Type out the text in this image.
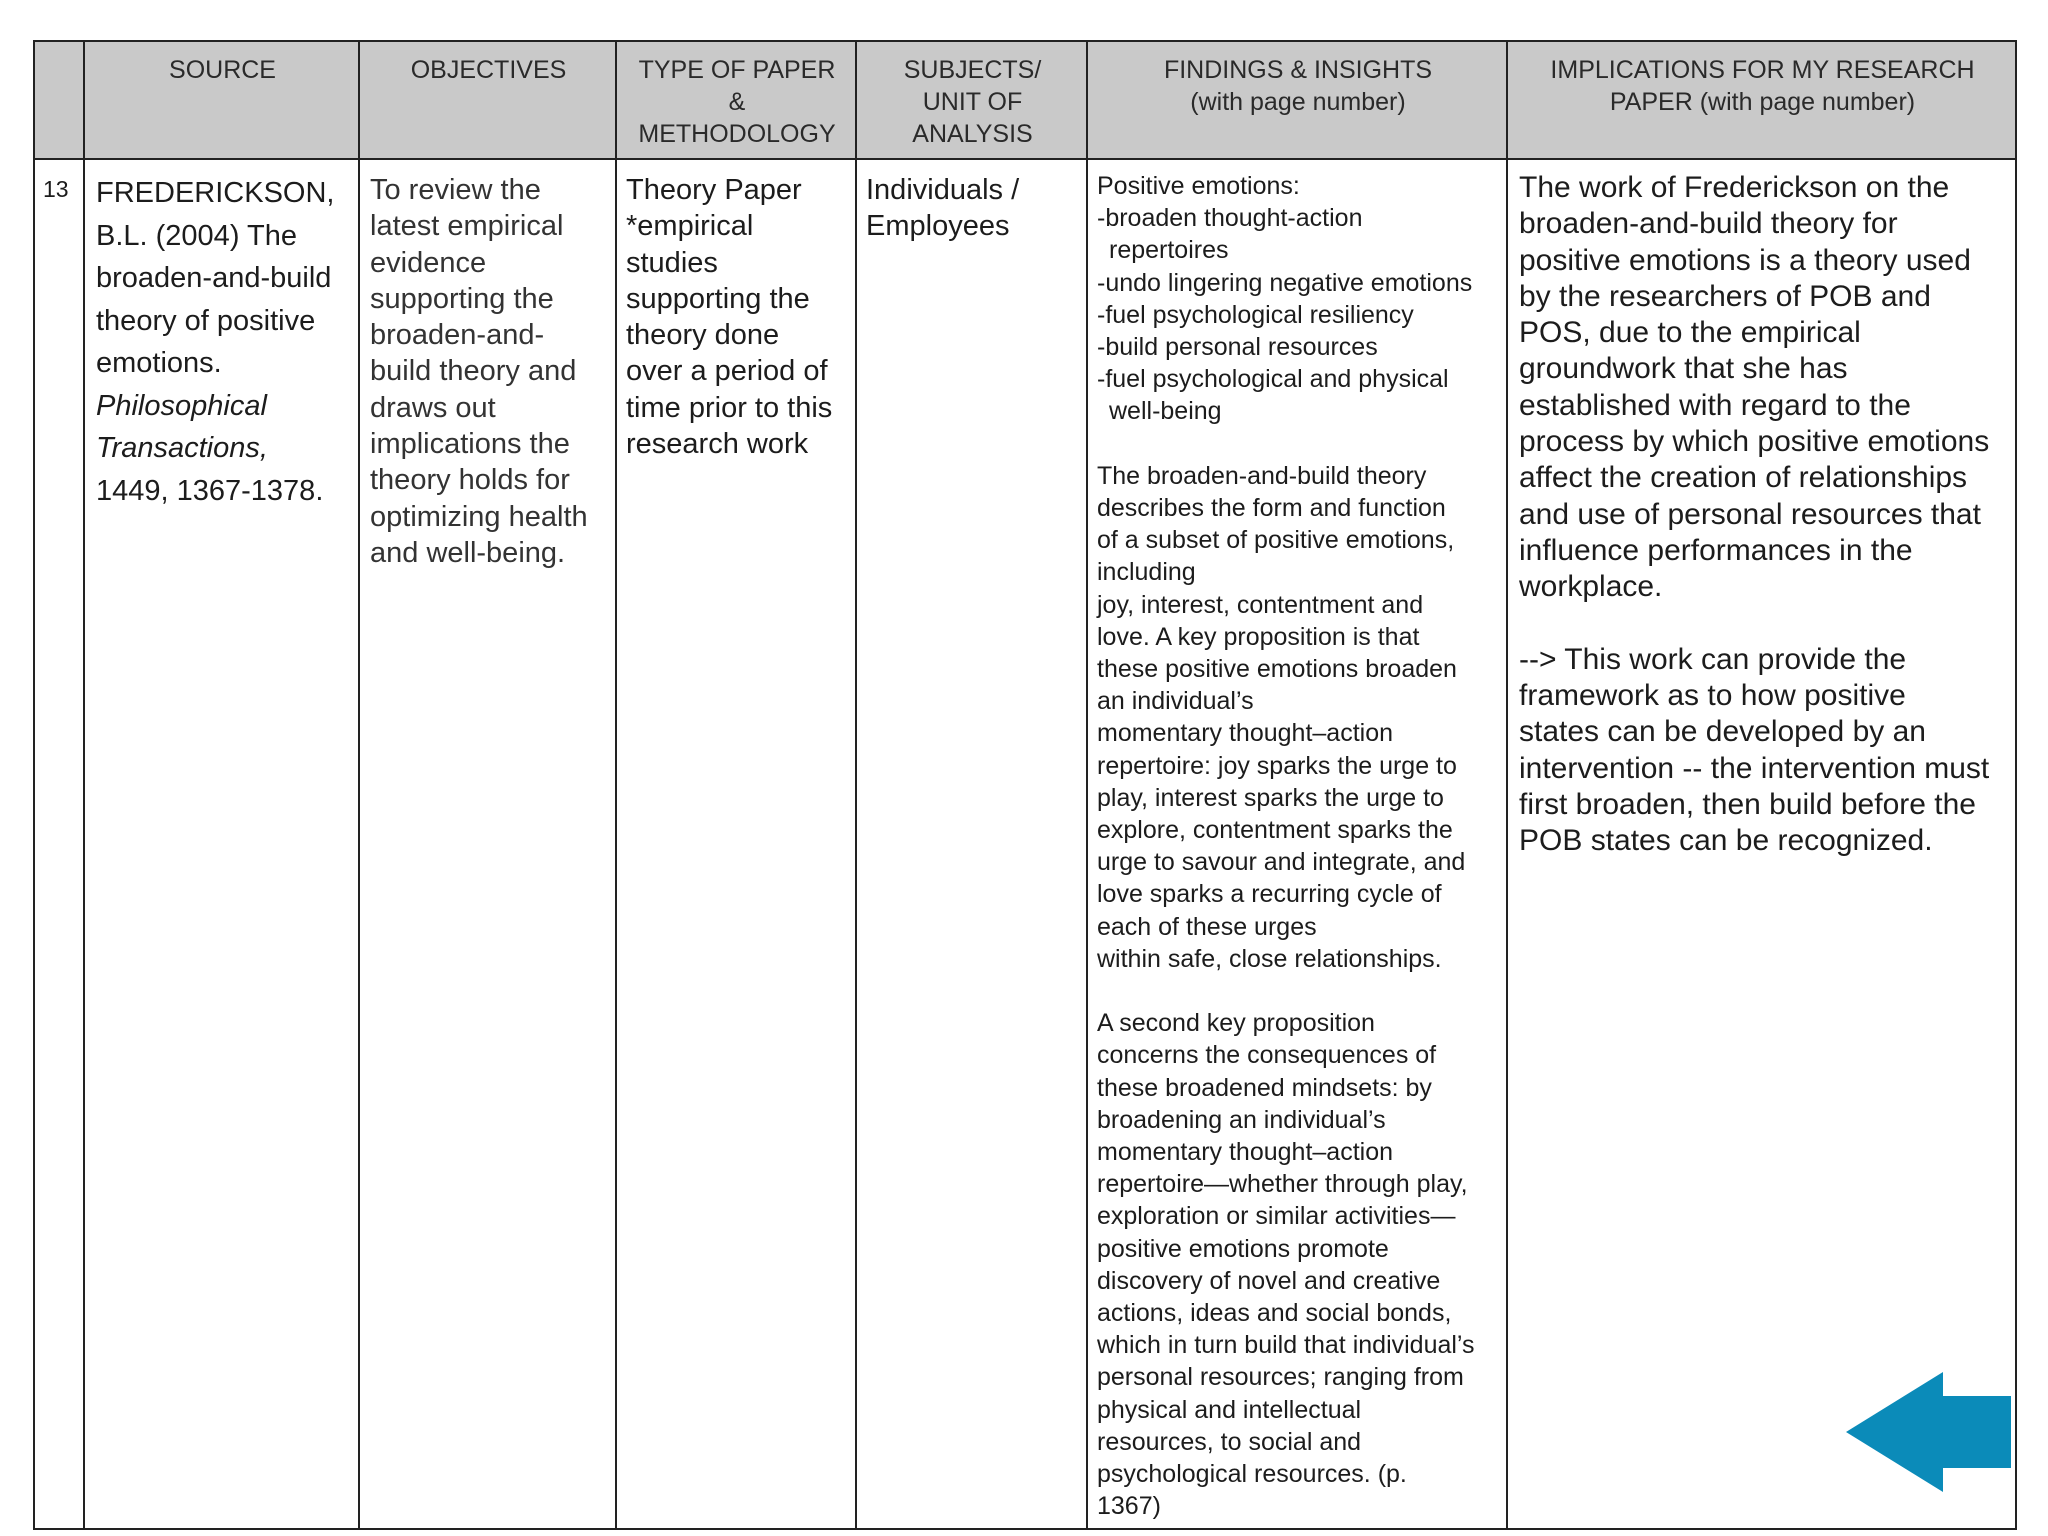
SOURCE	OBJECTIVES	TYPE OF PAPER
&
METHODOLOGY
SUBJECTS/
UNIT OF
ANALYSIS
FINDINGS & INSIGHTS
(with page number)
IMPLICATIONS FOR MY RESEARCH
PAPER (with page number)
13 FREDERICKSON,
B.L. (2004) The
broaden-and-build
theory of positive
emotions.
Philosophical
Transactions,
1449, 1367-1378.
To review the
latest empirical
evidence
supporting the
broaden-and-
build theory and
draws out
implications the
theory holds for
optimizing health
and well-being.
Theory Paper
*empirical
studies
supporting the
theory done
over a period of
time prior to this
research work
Individuals /
Employees
Positive emotions:
-broaden thought-action
repertoires
-undo lingering negative emotions
-fuel psychological resiliency
-build personal resources
-fuel psychological and physical
well-being
The broaden-and-build theory
describes the form and function
of a subset of positive emotions,
including
joy, interest, contentment and
love. A key proposition is that
these positive emotions broaden
an individual’s
momentary thought–action
repertoire: joy sparks the urge to
play, interest sparks the urge to
explore, contentment sparks the
urge to savour and integrate, and
love sparks a recurring cycle of
each of these urges
within safe, close relationships.
A second key proposition
concerns the consequences of
these broadened mindsets: by
broadening an individual’s
momentary thought–action
repertoire—whether through play,
exploration or similar activities—
positive emotions promote
discovery of novel and creative
actions, ideas and social bonds,
which in turn build that individual’s
personal resources; ranging from
physical and intellectual
resources, to social and
psychological resources. (p.
1367)
The work of Frederickson on the
broaden-and-build theory for
positive emotions is a theory used
by the researchers of POB and
POS, due to the empirical
groundwork that she has
established with regard to the
process by which positive emotions
affect the creation of relationships
and use of personal resources that
influence performances in the
workplace.
--> This work can provide the
framework as to how positive
states can be developed by an
intervention -- the intervention must
first broaden, then build before the
POB states can be recognized.
